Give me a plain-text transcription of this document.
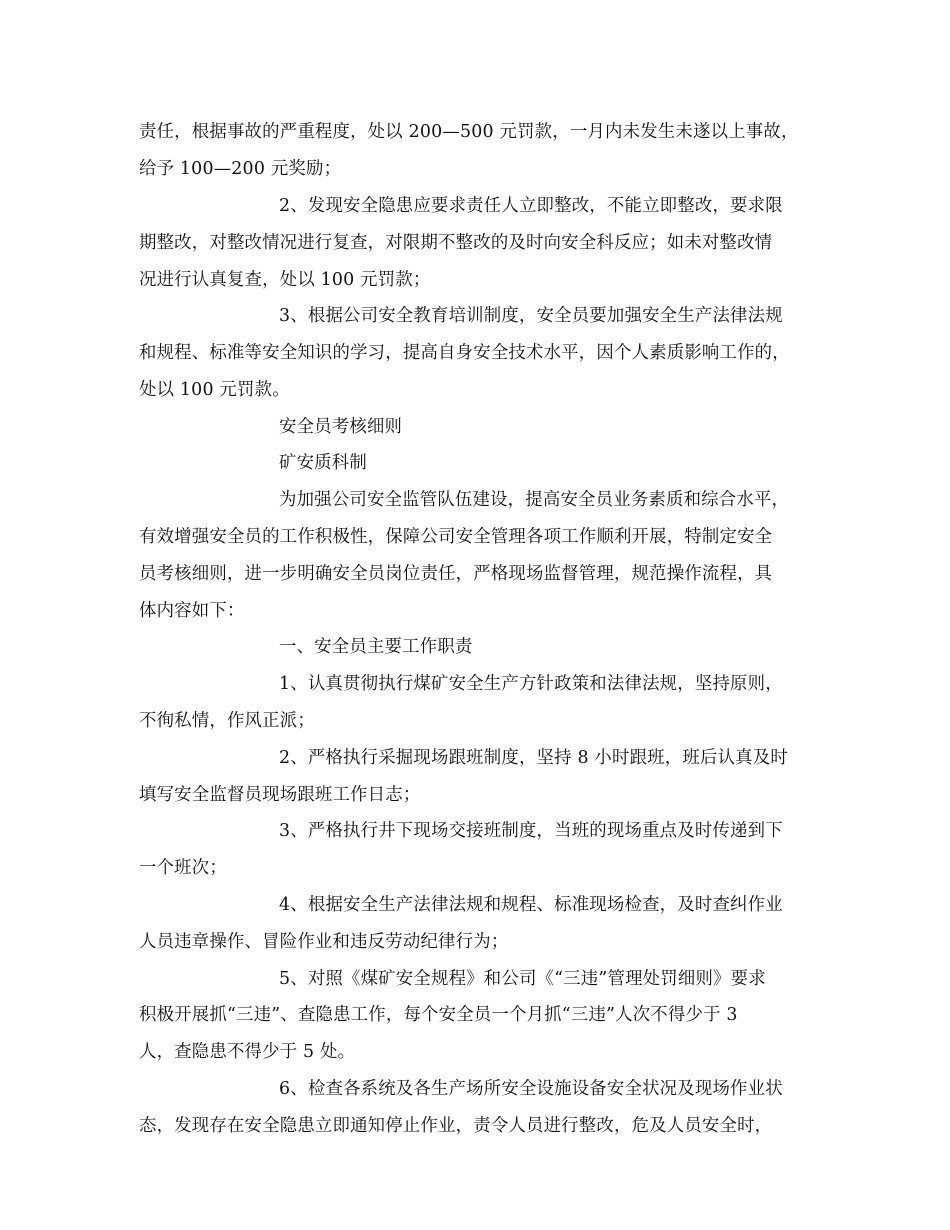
责任，根据事故的严重程度，处以 200—500 元罚款，一月内未发生未遂以上事故，
给予 100—200 元奖励；
2、发现安全隐患应要求责任人立即整改，不能立即整改，要求限
期整改，对整改情况进行复查，对限期不整改的及时向安全科反应；如未对整改情
况进行认真复查，处以 100 元罚款；
3、根据公司安全教育培训制度，安全员要加强安全生产法律法规
和规程、标准等安全知识的学习，提高自身安全技术水平，因个人素质影响工作的，
处以 100 元罚款。
安全员考核细则
矿安质科制
为加强公司安全监管队伍建设，提高安全员业务素质和综合水平，
有效增强安全员的工作积极性，保障公司安全管理各项工作顺利开展，特制定安全
员考核细则，进一步明确安全员岗位责任，严格现场监督管理，规范操作流程，具
体内容如下：
一、安全员主要工作职责
1、认真贯彻执行煤矿安全生产方针政策和法律法规，坚持原则，
不徇私情，作风正派；
2、严格执行采掘现场跟班制度，坚持 8 小时跟班，班后认真及时
填写安全监督员现场跟班工作日志；
3、严格执行井下现场交接班制度，当班的现场重点及时传递到下
一个班次；
4、根据安全生产法律法规和规程、标准现场检查，及时查纠作业
人员违章操作、冒险作业和违反劳动纪律行为；
5、对照《煤矿安全规程》和公司《“三违”管理处罚细则》要求
积极开展抓“三违”、查隐患工作，每个安全员一个月抓“三违”人次不得少于 3
人，查隐患不得少于 5 处。
6、检查各系统及各生产场所安全设施设备安全状况及现场作业状
态，发现存在安全隐患立即通知停止作业，责令人员进行整改，危及人员安全时，
